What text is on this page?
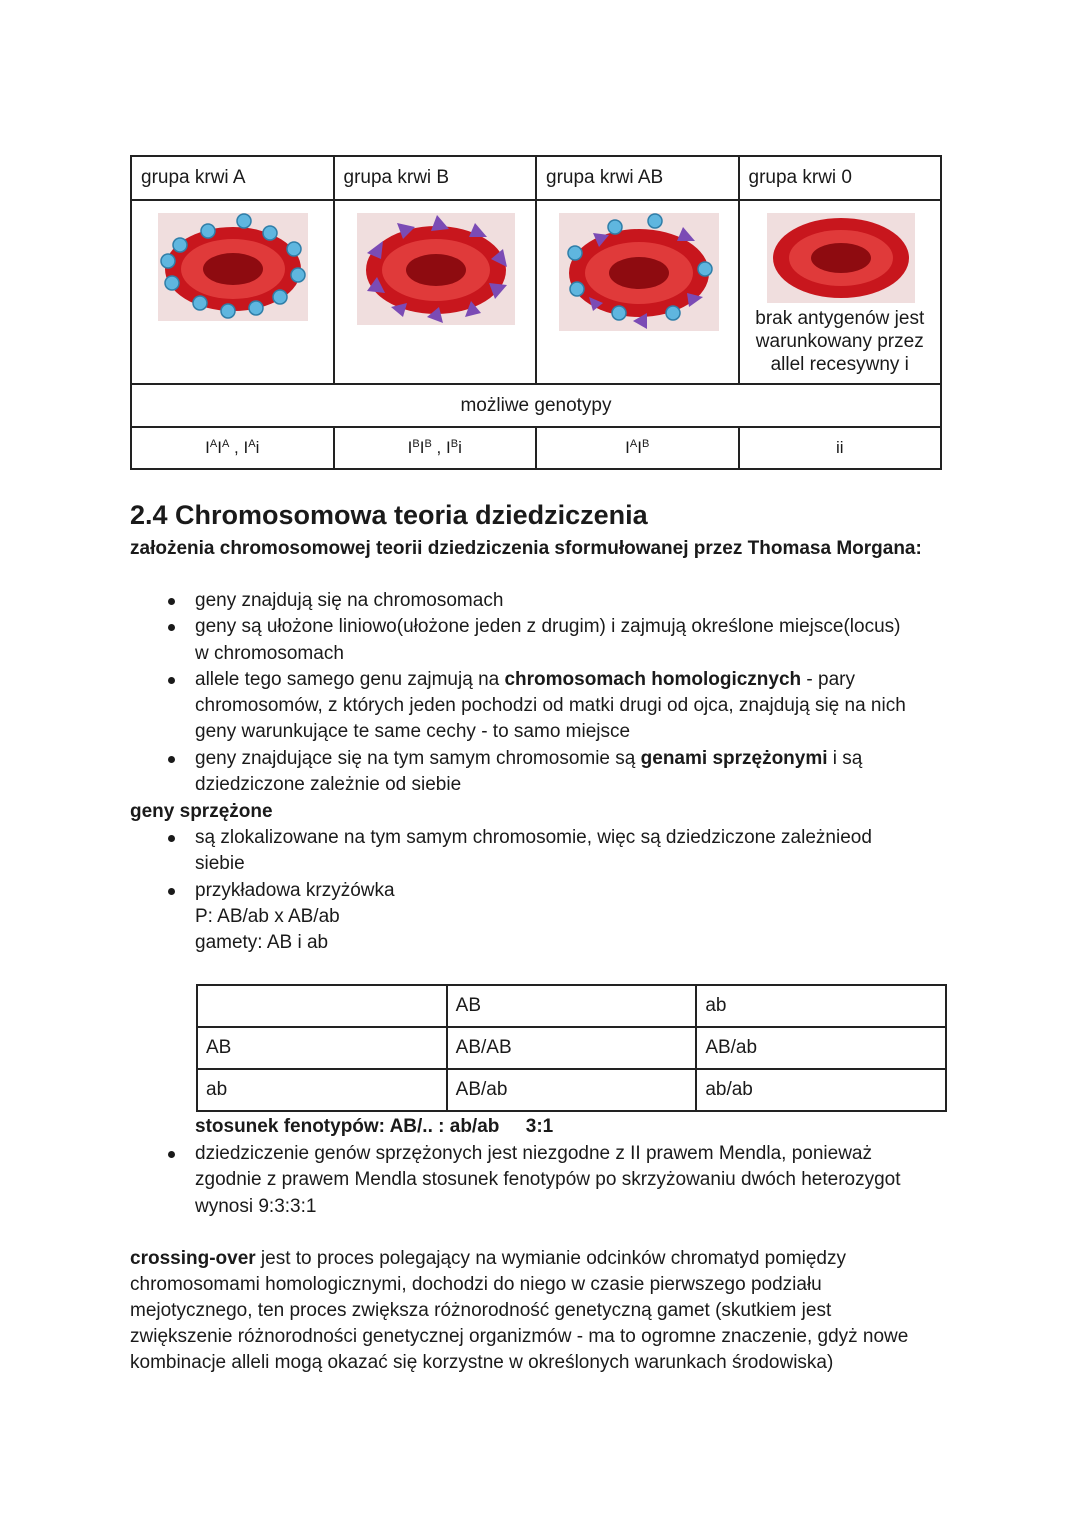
grupa krwi A	grupa krwi B	grupa krwi AB	grupa krwi 0

brak antygenów jest
warunkowany przez
allel recesywny i

możliwe genotypy			
$I^AI^A$ , $I^Ai$	$I^BI^B$ , $I^Bi$	$I^AI^B$	ii
2.4 Chromosomowa teoria dziedziczenia
założenia chromosomowej teorii dziedziczenia sformułowanej przez Thomasa Morgana:
geny znajdują się na chromosomach
geny są ułożone liniowo(ułożone jeden z drugim) i zajmują określone miejsce(locus)
w chromosomach
allele tego samego genu zajmują na chromosomach homologicznych - pary
chromosomów, z których jeden pochodzi od matki drugi od ojca, znajdują się na nich
geny warunkujące te same cechy - to samo miejsce
geny znajdujące się na tym samym chromosomie są genami sprzężonymi i są
dziedziczone zależnie od siebie
geny sprzężone
są zlokalizowane na tym samym chromosomie, więc są dziedziczone zależnieod
siebie
przykładowa krzyżówka
P: AB/ab x AB/ab
gamety: AB i ab
	AB	ab
AB	AB/AB	AB/ab
ab	AB/ab	ab/ab
stosunek fenotypów: AB/.. : ab/ab     3:1
dziedziczenie genów sprzężonych jest niezgodne z II prawem Mendla, ponieważ
zgodnie z prawem Mendla stosunek fenotypów po skrzyżowaniu dwóch heterozygot
wynosi 9:3:3:1
crossing-over jest to proces polegający na wymianie odcinków chromatyd pomiędzy
chromosomami homologicznymi, dochodzi do niego w czasie pierwszego podziału
mejotycznego, ten proces zwiększa różnorodność genetyczną gamet (skutkiem jest
zwiększenie różnorodności genetycznej organizmów - ma to ogromne znaczenie, gdyż nowe
kombinacje alleli mogą okazać się korzystne w określonych warunkach środowiska)
